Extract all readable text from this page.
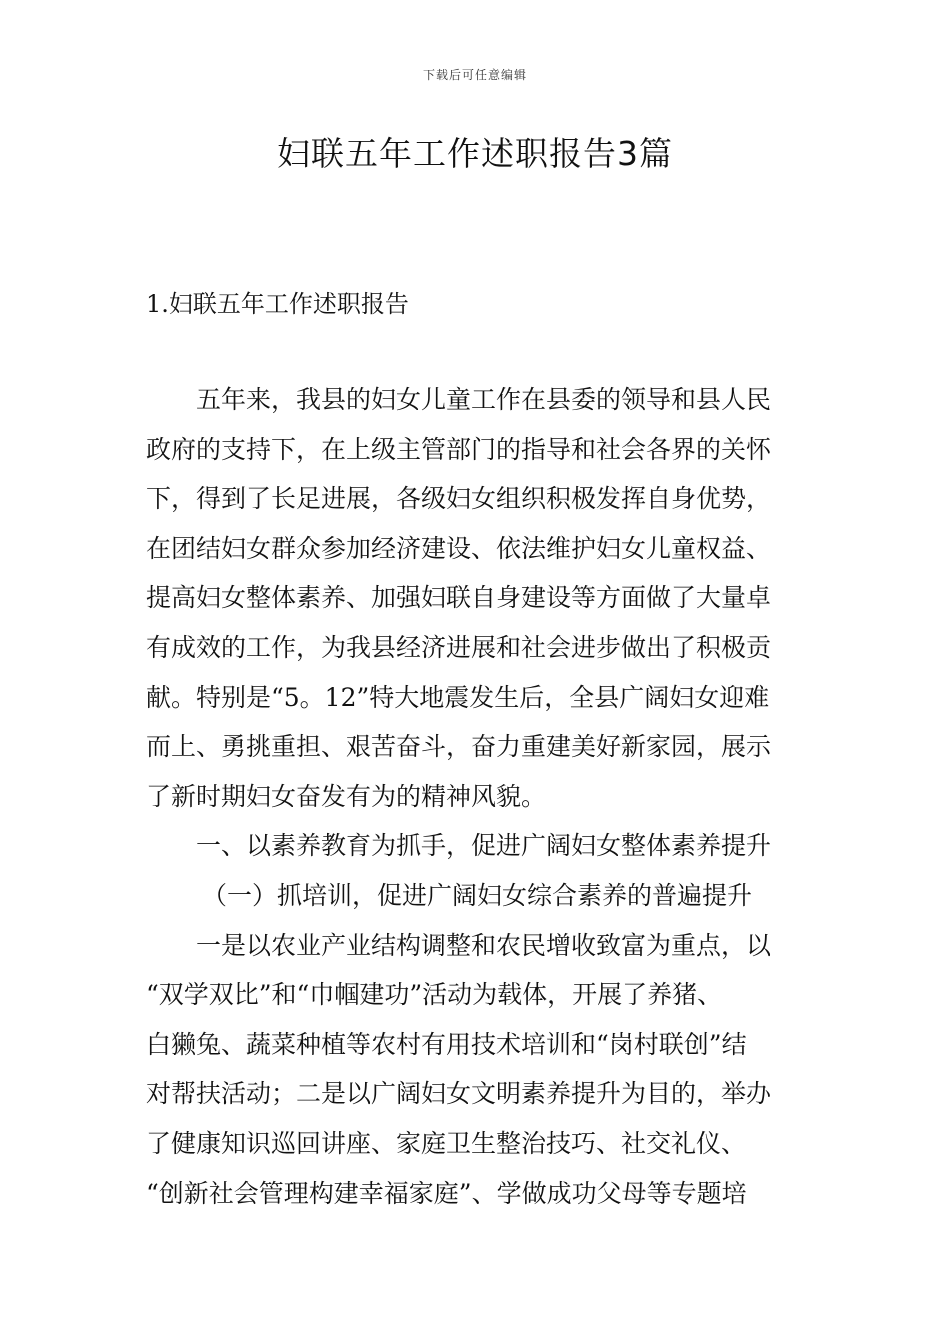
下载后可任意编辑
妇联五年工作述职报告3篇
1.妇联五年工作述职报告
五年来，我县的妇女儿童工作在县委的领导和县人民
政府的支持下，在上级主管部门的指导和社会各界的关怀
下，得到了长足进展，各级妇女组织积极发挥自身优势，
在团结妇女群众参加经济建设、依法维护妇女儿童权益、
提高妇女整体素养、加强妇联自身建设等方面做了大量卓
有成效的工作，为我县经济进展和社会进步做出了积极贡
献。特别是“5。12”特大地震发生后，全县广阔妇女迎难
而上、勇挑重担、艰苦奋斗，奋力重建美好新家园，展示
了新时期妇女奋发有为的精神风貌。
一、以素养教育为抓手，促进广阔妇女整体素养提升
（一）抓培训，促进广阔妇女综合素养的普遍提升
一是以农业产业结构调整和农民增收致富为重点，以
“双学双比”和“巾帼建功”活动为载体，开展了养猪、
白獭兔、蔬菜种植等农村有用技术培训和“岗村联创”结
对帮扶活动；二是以广阔妇女文明素养提升为目的，举办
了健康知识巡回讲座、家庭卫生整治技巧、社交礼仪、
“创新社会管理构建幸福家庭”、学做成功父母等专题培
